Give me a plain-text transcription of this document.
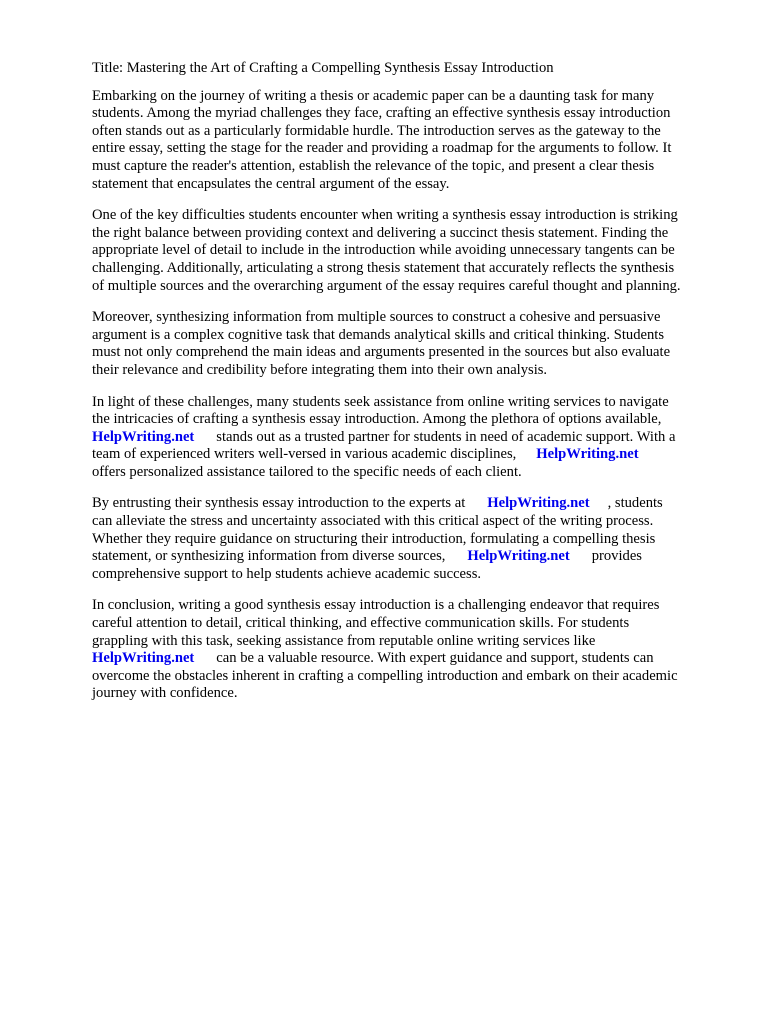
Title: Mastering the Art of Crafting a Compelling Synthesis Essay Introduction

Embarking on the journey of writing a thesis or academic paper can be a daunting task for many
students. Among the myriad challenges they face, crafting an effective synthesis essay introduction
often stands out as a particularly formidable hurdle. The introduction serves as the gateway to the
entire essay, setting the stage for the reader and providing a roadmap for the arguments to follow. It
must capture the reader's attention, establish the relevance of the topic, and present a clear thesis
statement that encapsulates the central argument of the essay.
One of the key difficulties students encounter when writing a synthesis essay introduction is striking
the right balance between providing context and delivering a succinct thesis statement. Finding the
appropriate level of detail to include in the introduction while avoiding unnecessary tangents can be
challenging. Additionally, articulating a strong thesis statement that accurately reflects the synthesis
of multiple sources and the overarching argument of the essay requires careful thought and planning.
Moreover, synthesizing information from multiple sources to construct a cohesive and persuasive
argument is a complex cognitive task that demands analytical skills and critical thinking. Students
must not only comprehend the main ideas and arguments presented in the sources but also evaluate
their relevance and credibility before integrating them into their own analysis.
In light of these challenges, many students seek assistance from online writing services to navigate
the intricacies of crafting a synthesis essay introduction. Among the plethora of options available,
HelpWriting.net stands out as a trusted partner for students in need of academic support. With a
team of experienced writers well-versed in various academic disciplines, HelpWriting.net
offers personalized assistance tailored to the specific needs of each client.
By entrusting their synthesis essay introduction to the experts at HelpWriting.net , students
can alleviate the stress and uncertainty associated with this critical aspect of the writing process.
Whether they require guidance on structuring their introduction, formulating a compelling thesis
statement, or synthesizing information from diverse sources, HelpWriting.net provides
comprehensive support to help students achieve academic success.
In conclusion, writing a good synthesis essay introduction is a challenging endeavor that requires
careful attention to detail, critical thinking, and effective communication skills. For students
grappling with this task, seeking assistance from reputable online writing services like
HelpWriting.net can be a valuable resource. With expert guidance and support, students can
overcome the obstacles inherent in crafting a compelling introduction and embark on their academic
journey with confidence.
